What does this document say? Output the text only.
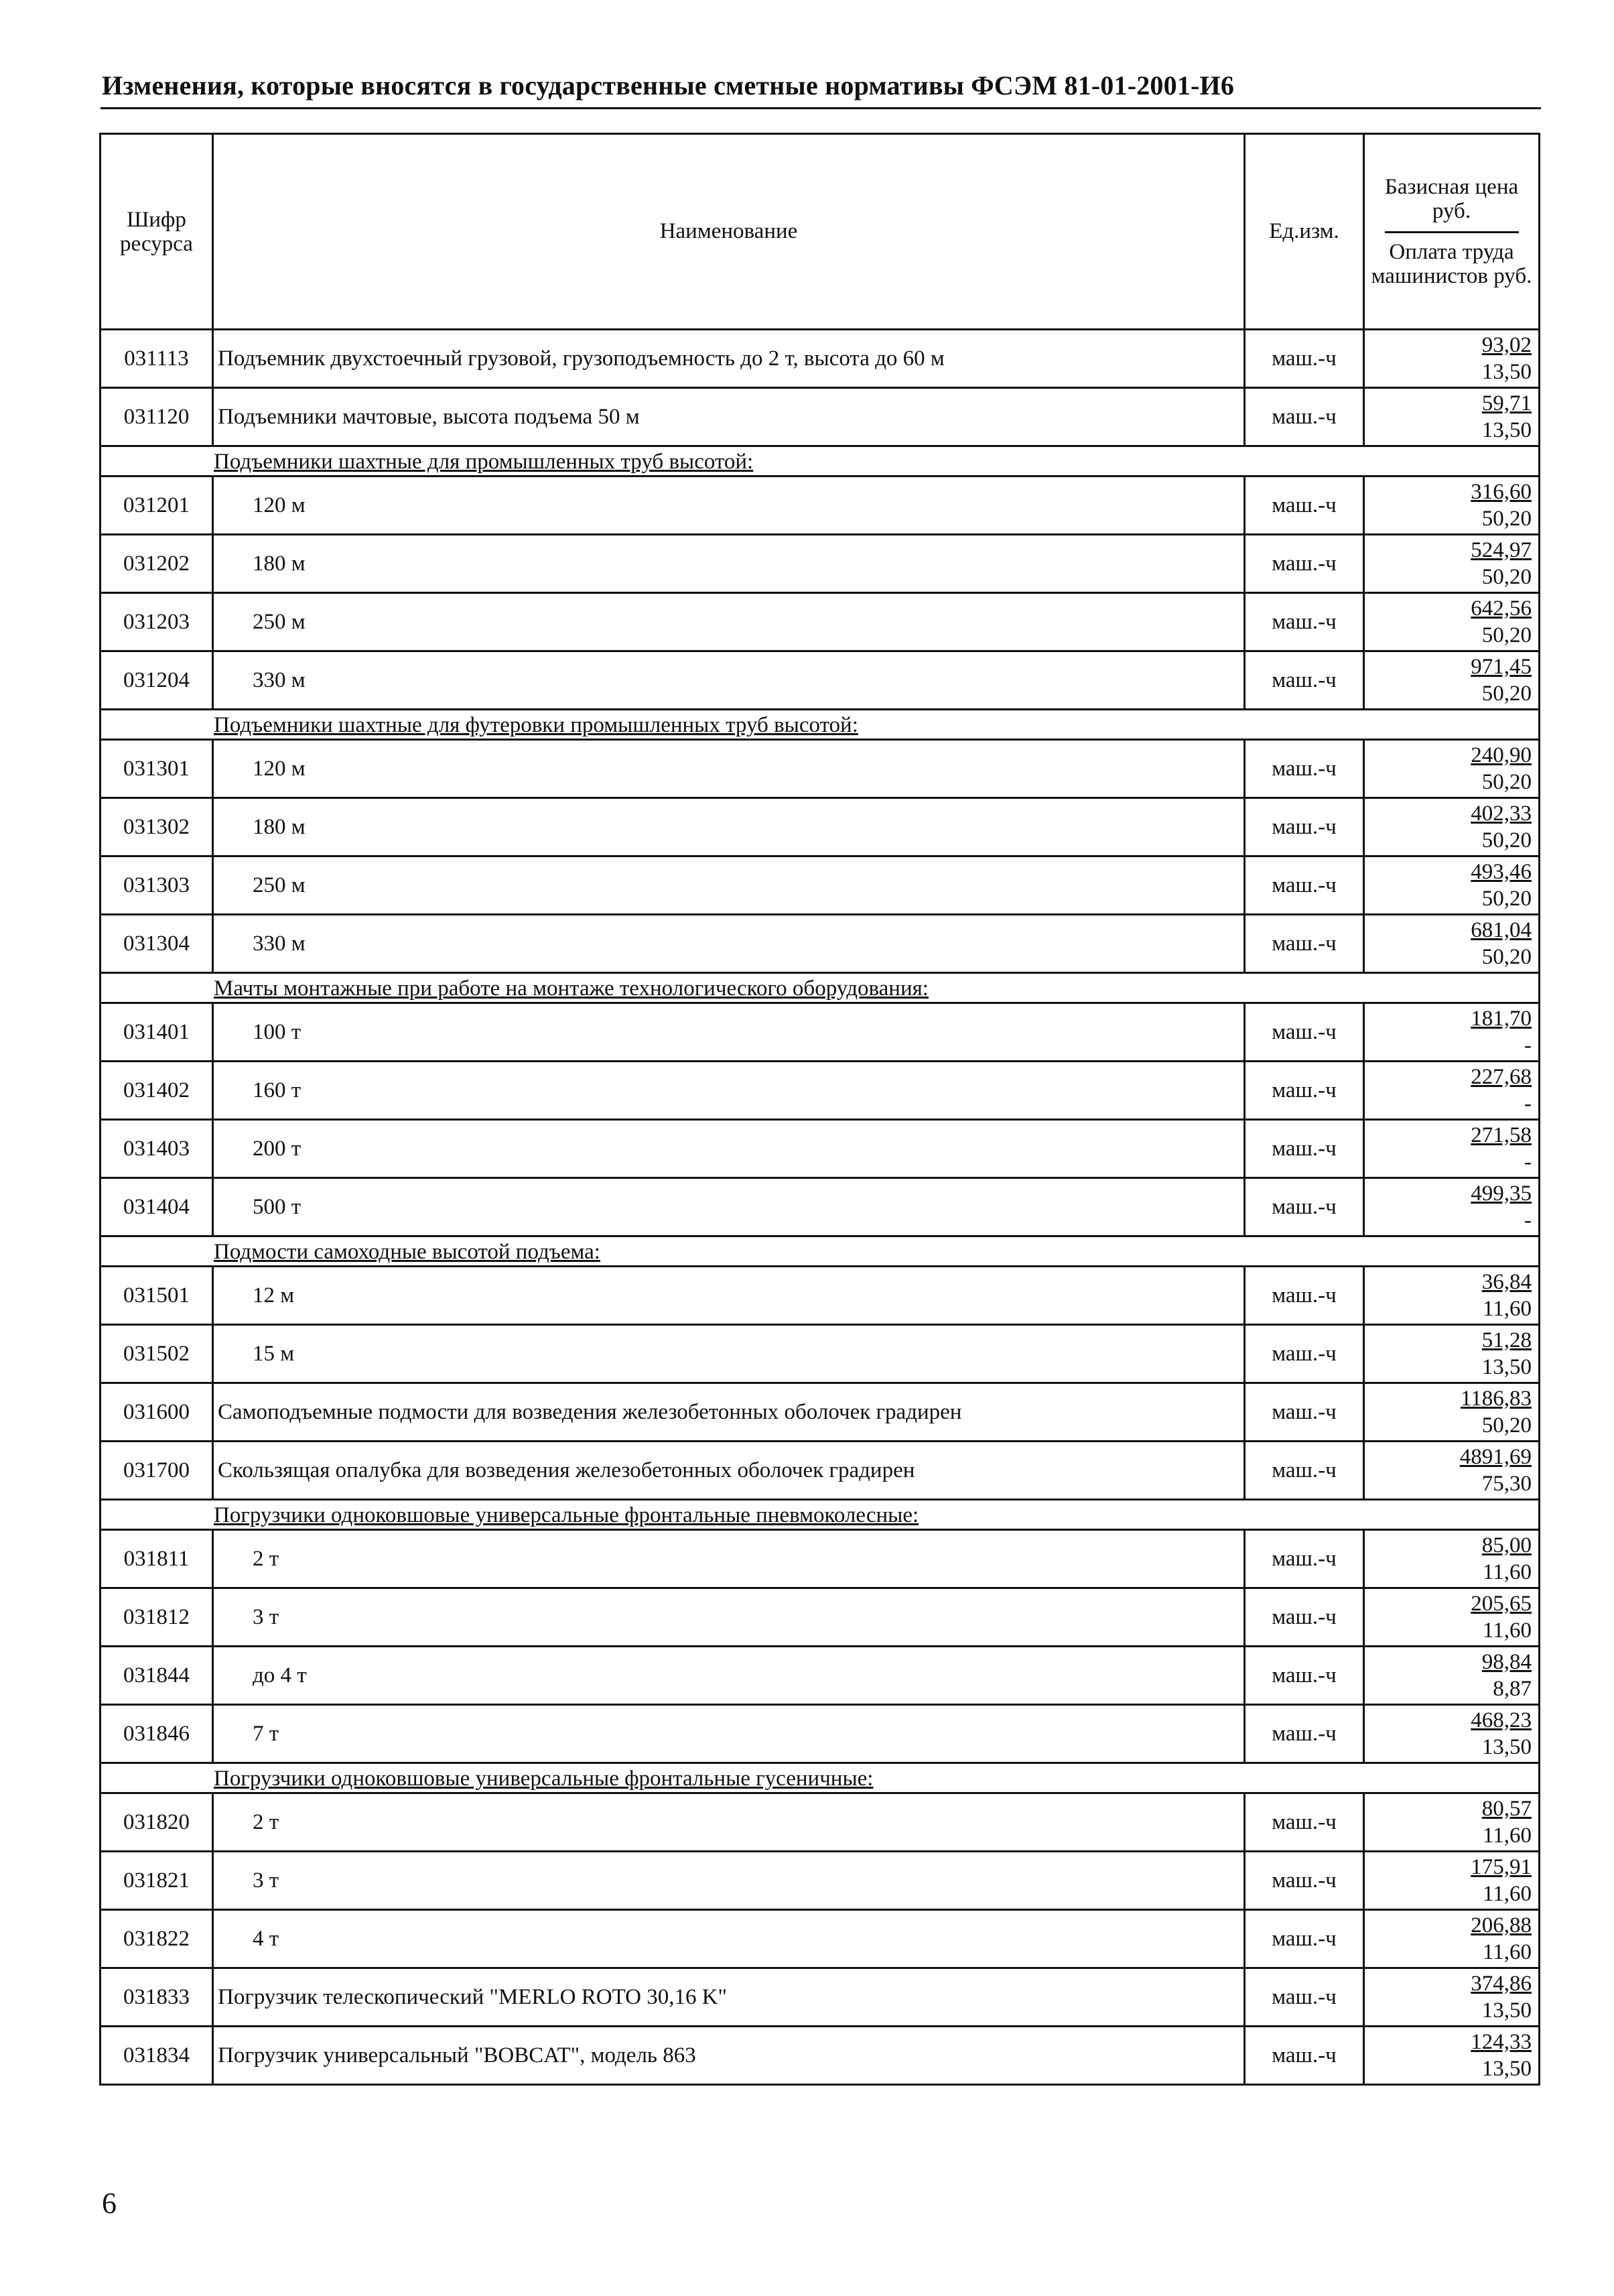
Изменения, которые вносятся в государственные сметные нормативы ФСЭМ 81-01-2001-И6
Шифр ресурса	Наименование	Ед.изм.	Базисная цена руб.
Оплата труда машинистов руб.
031113	Подъемник двухстоечный грузовой, грузоподъемность до 2 т, высота до 60 м	маш.-ч	93,02
13,50

031120	Подъемники мачтовые, высота подъема 50 м	маш.-ч	59,71
13,50

Подъемники шахтные для промышленных труб высотой:			
031201	120 м	маш.-ч	316,60
50,20

031202	180 м	маш.-ч	524,97
50,20

031203	250 м	маш.-ч	642,56
50,20

031204	330 м	маш.-ч	971,45
50,20

Подъемники шахтные для футеровки промышленных труб высотой:			
031301	120 м	маш.-ч	240,90
50,20

031302	180 м	маш.-ч	402,33
50,20

031303	250 м	маш.-ч	493,46
50,20

031304	330 м	маш.-ч	681,04
50,20

Мачты монтажные при работе на монтаже технологического оборудования:			
031401	100 т	маш.-ч	181,70
-

031402	160 т	маш.-ч	227,68
-

031403	200 т	маш.-ч	271,58
-

031404	500 т	маш.-ч	499,35
-

Подмости самоходные высотой подъема:			
031501	12 м	маш.-ч	36,84
11,60

031502	15 м	маш.-ч	51,28
13,50

031600	Самоподъемные подмости для возведения железобетонных оболочек градирен	маш.-ч	1186,83
50,20

031700	Скользящая опалубка для возведения железобетонных оболочек градирен	маш.-ч	4891,69
75,30

Погрузчики одноковшовые универсальные фронтальные пневмоколесные:			
031811	2 т	маш.-ч	85,00
11,60

031812	3 т	маш.-ч	205,65
11,60

031844	до 4 т	маш.-ч	98,84
8,87

031846	7 т	маш.-ч	468,23
13,50

Погрузчики одноковшовые универсальные фронтальные гусеничные:			
031820	2 т	маш.-ч	80,57
11,60

031821	3 т	маш.-ч	175,91
11,60

031822	4 т	маш.-ч	206,88
11,60

031833	Погрузчик телескопический "MERLO ROTO 30,16 K"	маш.-ч	374,86
13,50

031834	Погрузчик универсальный "BOBCAT", модель 863	маш.-ч	124,33
13,50
6
